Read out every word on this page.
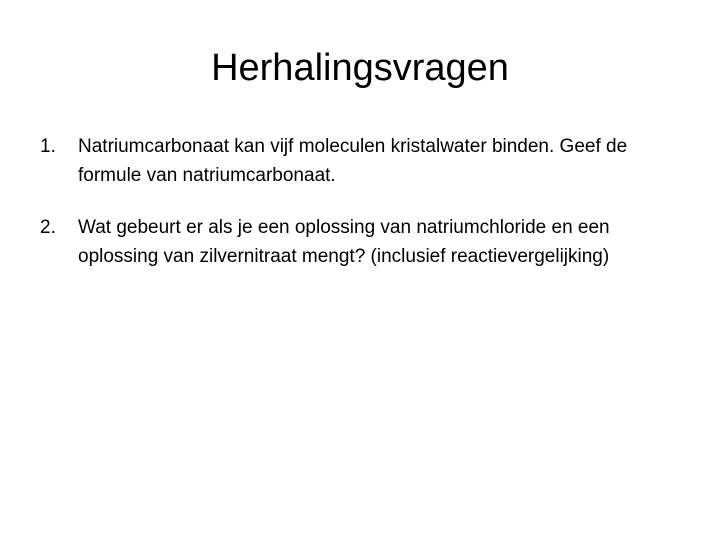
Herhalingsvragen
1.	Natriumcarbonaat kan vijf moleculen kristalwater binden. Geef de formule van natriumcarbonaat.
2.	Wat gebeurt er als je een oplossing van natriumchloride en een oplossing van zilvernitraat mengt? (inclusief reactievergelijking)
